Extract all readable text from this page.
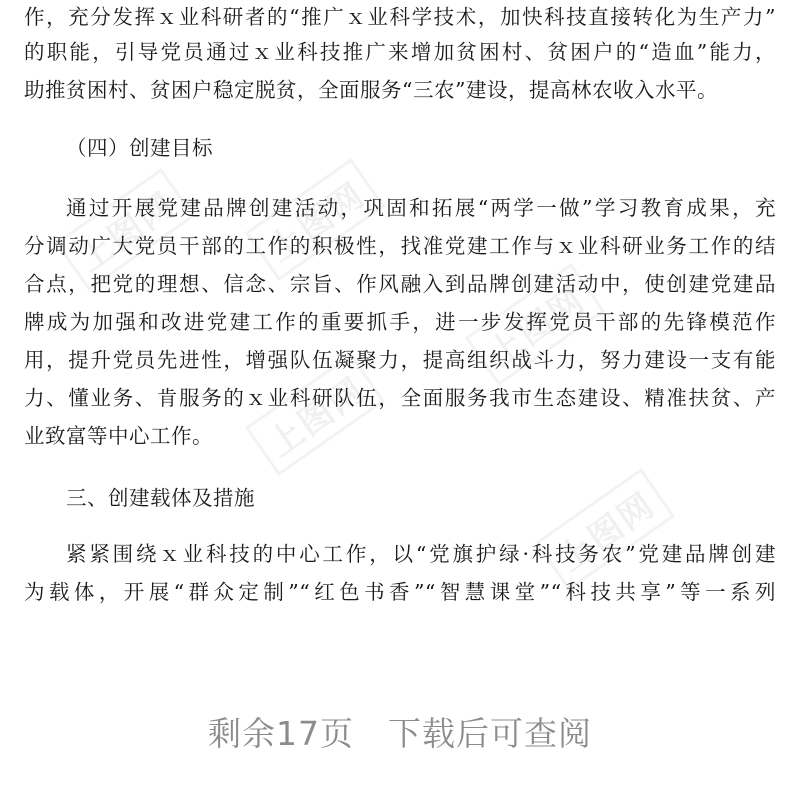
上图网
上图网
上图网
上图网
上图网
作，充分发挥ｘ业科研者的“推广ｘ业科学技术，加快科技直接转化为生产力”
的职能，引导党员通过ｘ业科技推广来增加贫困村、贫困户的“造血”能力，
助推贫困村、贫困户稳定脱贫，全面服务“三农”建设，提高林农收入水平。
（四）创建目标
通过开展党建品牌创建活动，巩固和拓展“两学一做”学习教育成果，充
分调动广大党员干部的工作的积极性，找准党建工作与ｘ业科研业务工作的结
合点，把党的理想、信念、宗旨、作风融入到品牌创建活动中，使创建党建品
牌成为加强和改进党建工作的重要抓手，进一步发挥党员干部的先锋模范作
用，提升党员先进性，增强队伍凝聚力，提高组织战斗力，努力建设一支有能
力、懂业务、肯服务的ｘ业科研队伍，全面服务我市生态建设、精准扶贫、产
业致富等中心工作。
三、创建载体及措施
紧紧围绕ｘ业科技的中心工作，以“党旗护绿·科技务农”党建品牌创建
为载体，开展“群众定制”“红色书香”“智慧课堂”“科技共享”等一系列
剩余17页　下载后可查阅
